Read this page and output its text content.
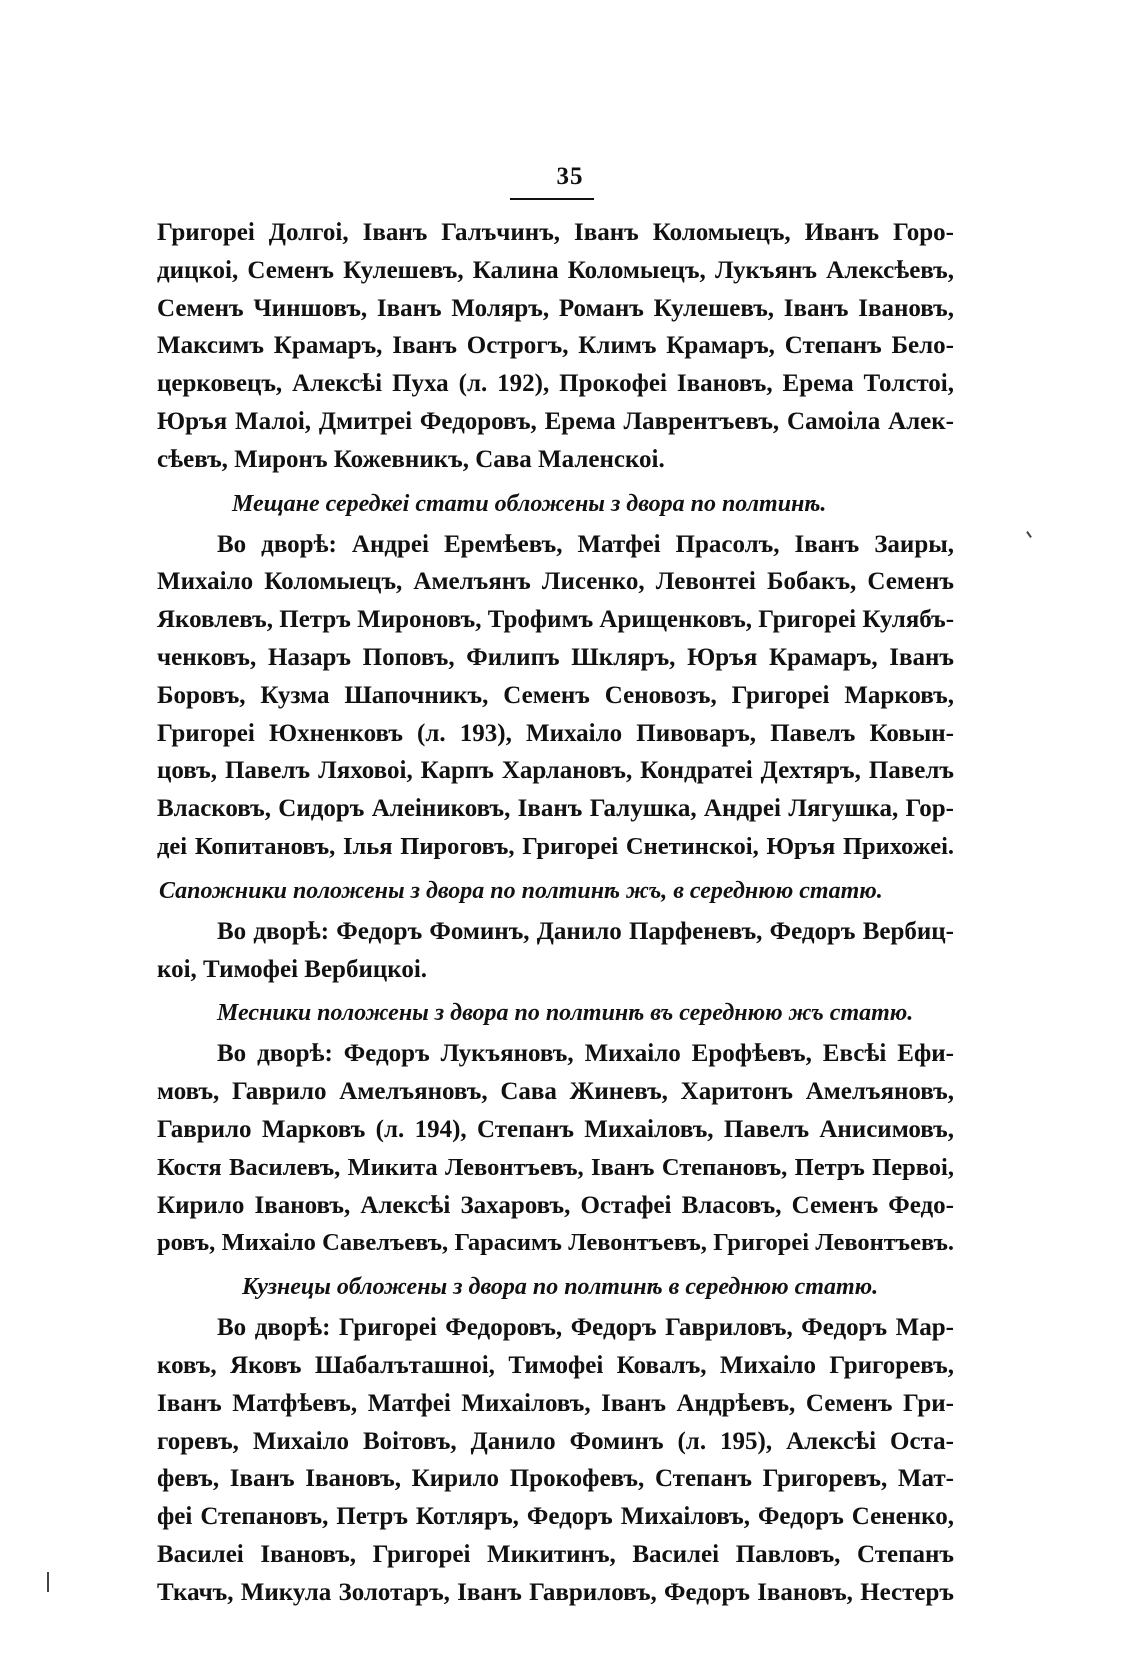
35
Григореі Долгоі, Іванъ Галъчинъ, Іванъ Коломыецъ, Иванъ Горо-
дицкоі, Семенъ Кулешевъ, Калина Коломыецъ, Лукъянъ Алексѣевъ,
Семенъ Чиншовъ, Іванъ Моляръ, Романъ Кулешевъ, Іванъ Івановъ,
Максимъ Крамаръ, Іванъ Острогъ, Климъ Крамаръ, Степанъ Бело-
церковецъ, Алексѣі Пуха (л. 192), Прокофеі Івановъ, Ерема Толстоі,
Юръя Малоі, Дмитреі Федоровъ, Ерема Лаврентъевъ, Самоіла Алек-
сѣевъ, Миронъ Кожевникъ, Сава Маленскоі.
Мещане середкеі стати обложены з двора по полтинѣ.
Во дворѣ: Андреі Еремѣевъ, Матфеі Прасолъ, Іванъ Заиры,
Михаіло Коломыецъ, Амелъянъ Лисенко, Левонтеі Бобакъ, Семенъ
Яковлевъ, Петръ Мироновъ, Трофимъ Арищенковъ, Григореі Кулябъ-
ченковъ, Назаръ Поповъ, Филипъ Шкляръ, Юръя Крамаръ, Іванъ
Боровъ, Кузма Шапочникъ, Семенъ Сеновозъ, Григореі Марковъ,
Григореі Юхненковъ (л. 193), Михаіло Пивоваръ, Павелъ Ковын-
цовъ, Павелъ Ляховоі, Карпъ Харлановъ, Кондратеі Дехтяръ, Павелъ
Власковъ, Сидоръ Алеіниковъ, Іванъ Галушка, Андреі Лягушка, Гор-
деі Копитановъ, Ілья Пироговъ, Григореі Снетинскоі, Юръя Прихожеі.
Сапожники положены з двора по полтинѣ жъ, в середнюю статю.
Во дворѣ: Федоръ Фоминъ, Данило Парфеневъ, Федоръ Вербиц-
коі, Тимофеі Вербицкоі.
Месники положены з двора по полтинѣ въ середнюю жъ статю.
Во дворѣ: Федоръ Лукъяновъ, Михаіло Ерофѣевъ, Евсѣі Ефи-
мовъ, Гаврило Амелъяновъ, Сава Жиневъ, Харитонъ Амелъяновъ,
Гаврило Марковъ (л. 194), Степанъ Михаіловъ, Павелъ Анисимовъ,
Костя Василевъ, Микита Левонтъевъ, Іванъ Степановъ, Петръ Первоі,
Кирило Івановъ, Алексѣі Захаровъ, Остафеі Власовъ, Семенъ Федо-
ровъ, Михаіло Савелъевъ, Гарасимъ Левонтъевъ, Григореі Левонтъевъ.
Кузнецы обложены з двора по полтинѣ в середнюю статю.
Во дворѣ: Григореі Федоровъ, Федоръ Гавриловъ, Федоръ Мар-
ковъ, Яковъ Шабалъташноі, Тимофеі Ковалъ, Михаіло Григоревъ,
Іванъ Матфѣевъ, Матфеі Михаіловъ, Іванъ Андрѣевъ, Семенъ Гри-
горевъ, Михаіло Воітовъ, Данило Фоминъ (л. 195), Алексѣі Оста-
февъ, Іванъ Івановъ, Кирило Прокофевъ, Степанъ Григоревъ, Мат-
феі Степановъ, Петръ Котляръ, Федоръ Михаіловъ, Федоръ Сененко,
Василеі Івановъ, Григореі Микитинъ, Василеі Павловъ, Степанъ
Ткачъ, Микула Золотаръ, Іванъ Гавриловъ, Федоръ Івановъ, Нестеръ
